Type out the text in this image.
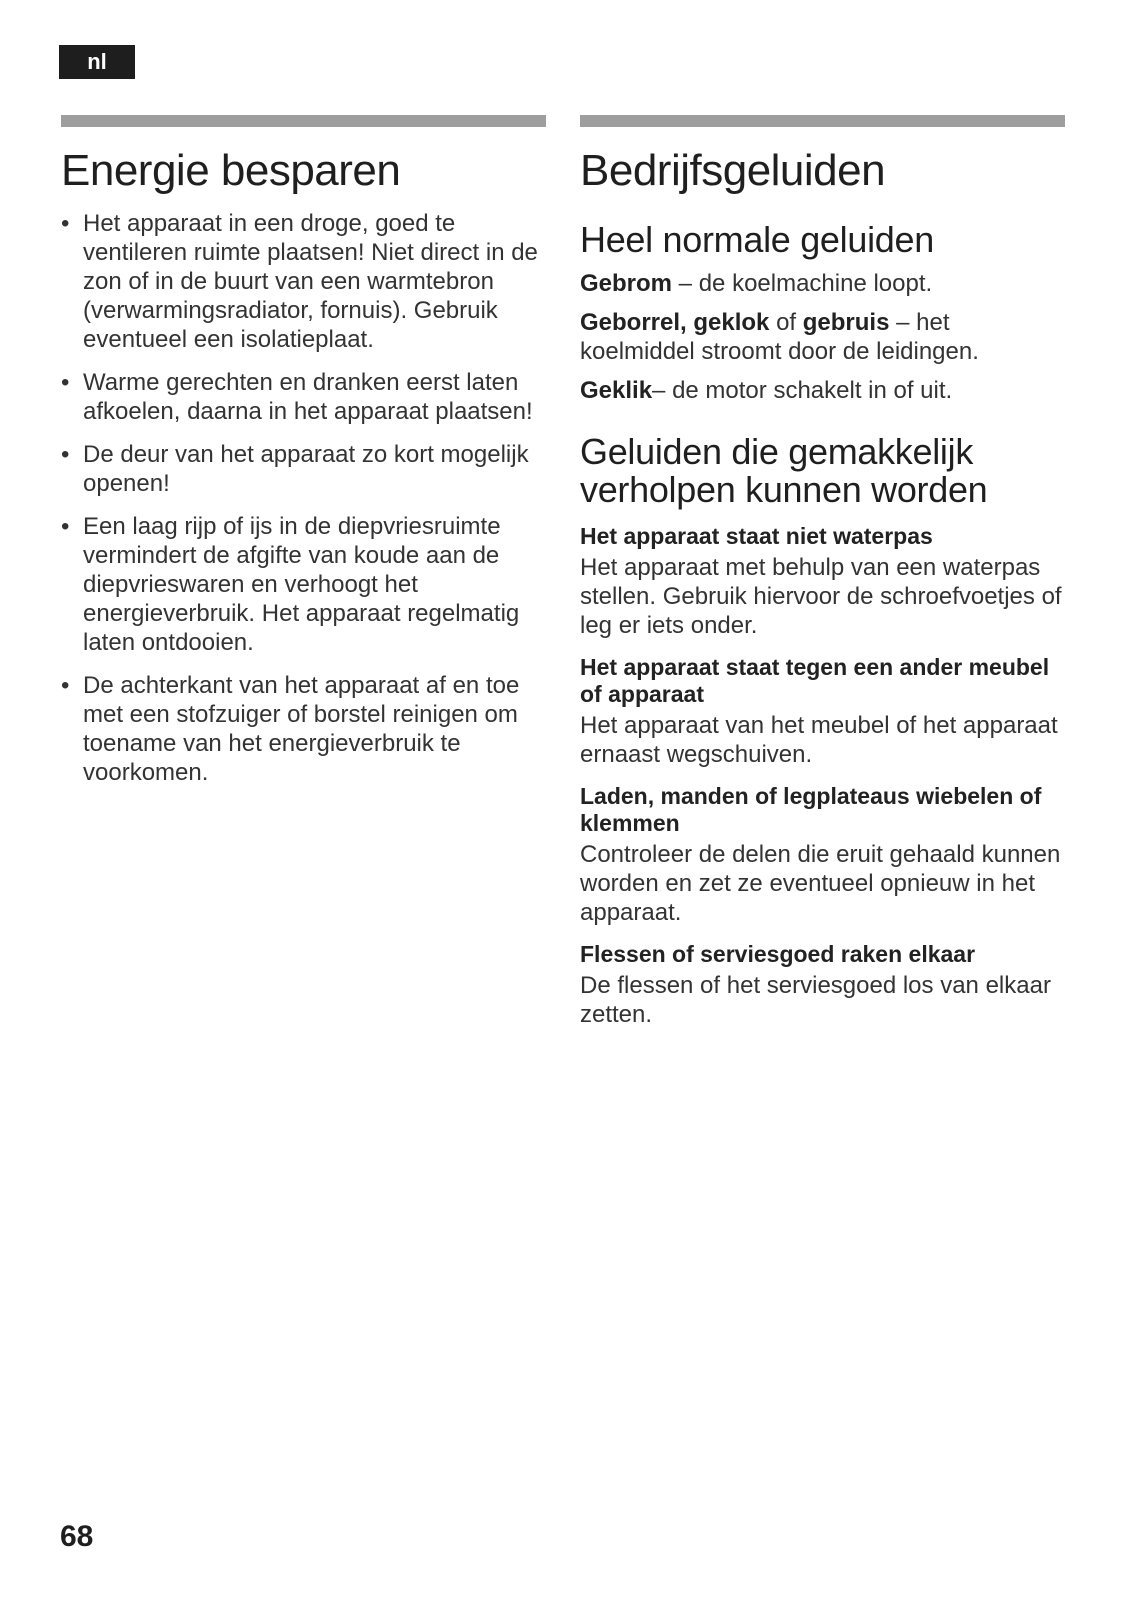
nl
Energie besparen
• Het apparaat in een droge, goed te ventileren ruimte plaatsen! Niet direct in de zon of in de buurt van een warmtebron (verwarmingsradiator, fornuis). Gebruik eventueel een isolatieplaat.
• Warme gerechten en dranken eerst laten afkoelen, daarna in het apparaat plaatsen!
• De deur van het apparaat zo kort mogelijk openen!
• Een laag rijp of ijs in de diepvriesruimte vermindert de afgifte van koude aan de diepvrieswaren en verhoogt het energieverbruik. Het apparaat regelmatig laten ontdooien.
• De achterkant van het apparaat af en toe met een stofzuiger of borstel reinigen om toename van het energieverbruik te voorkomen.
Bedrijfsgeluiden
Heel normale geluiden

Gebrom – de koelmachine loopt.

Geborrel, geklok of gebruis – het koelmiddel stroomt door de leidingen.

Geklik– de motor schakelt in of uit.

Geluiden die gemakkelijk verholpen kunnen worden
Het apparaat staat niet waterpas
Het apparaat met behulp van een waterpas stellen. Gebruik hiervoor de schroefvoetjes of leg er iets onder.
Het apparaat staat tegen een ander meubel of apparaat
Het apparaat van het meubel of het apparaat ernaast wegschuiven.
Laden, manden of legplateaus wiebelen of klemmen
Controleer de delen die eruit gehaald kunnen worden en zet ze eventueel opnieuw in het apparaat.
Flessen of serviesgoed raken elkaar
De flessen of het serviesgoed los van elkaar zetten.
68
